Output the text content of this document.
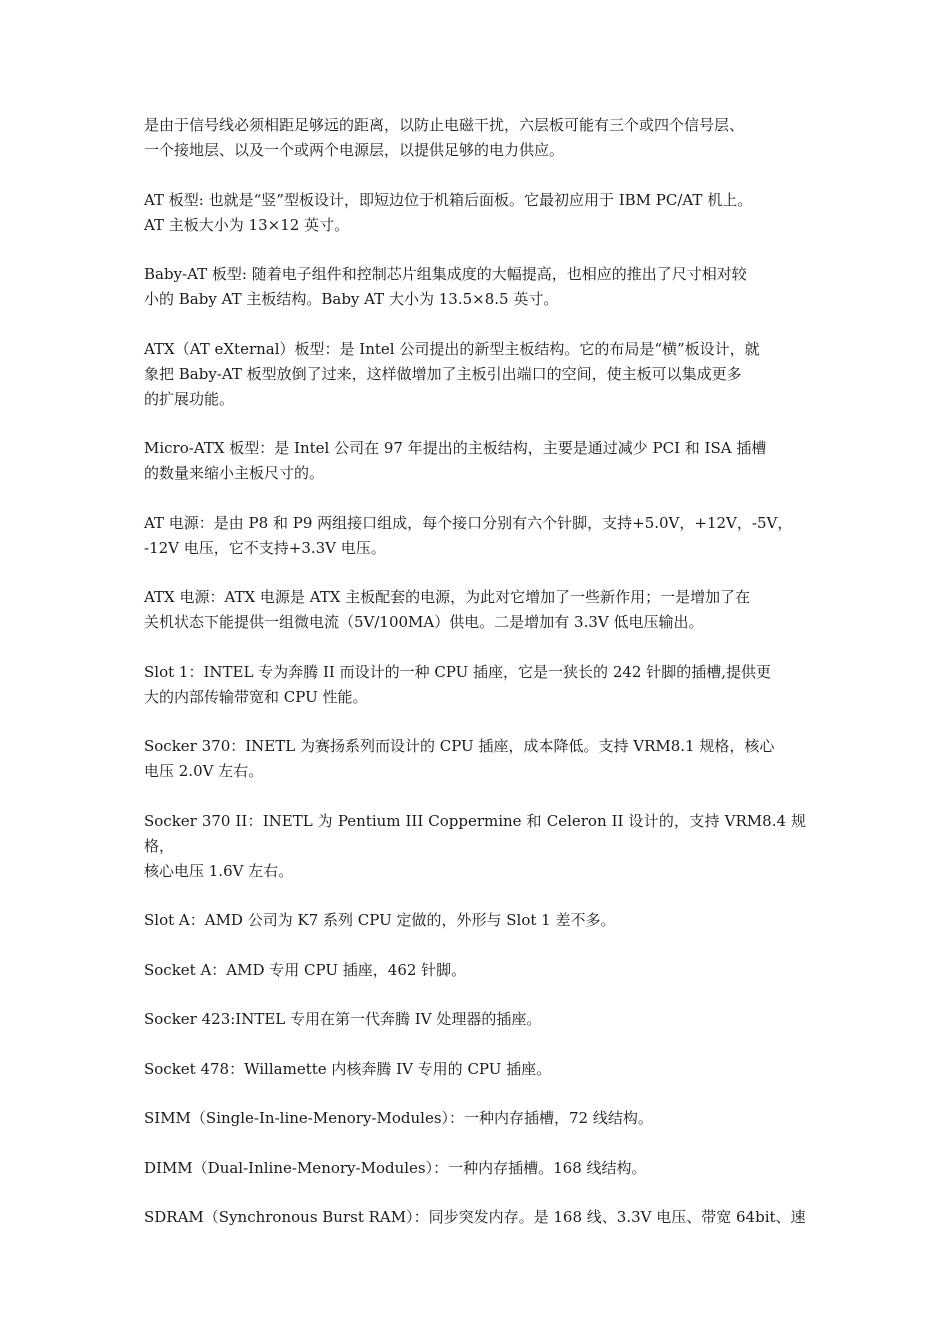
是由于信号线必须相距足够远的距离，以防止电磁干扰，六层板可能有三个或四个信号层、
一个接地层、以及一个或两个电源层，以提供足够的电力供应。

AT 板型: 也就是“竖”型板设计，即短边位于机箱后面板。它最初应用于 IBM PC/AT 机上。
AT 主板大小为 13×12 英寸。

Baby-AT 板型: 随着电子组件和控制芯片组集成度的大幅提高，也相应的推出了尺寸相对较
小的 Baby AT 主板结构。Baby AT 大小为 13.5×8.5 英寸。

ATX（AT eXternal）板型：是 Intel 公司提出的新型主板结构。它的布局是“横”板设计，就
象把 Baby-AT 板型放倒了过来，这样做增加了主板引出端口的空间，使主板可以集成更多
的扩展功能。

Micro-ATX 板型：是 Intel 公司在 97 年提出的主板结构，主要是通过减少 PCI 和 ISA 插槽
的数量来缩小主板尺寸的。

AT 电源：是由 P8 和 P9 两组接口组成，每个接口分别有六个针脚，支持+5.0V，+12V，-5V，
-12V 电压，它不支持+3.3V 电压。

ATX 电源：ATX 电源是 ATX 主板配套的电源，为此对它增加了一些新作用；一是增加了在
关机状态下能提供一组微电流（5V/100MA）供电。二是增加有 3.3V 低电压输出。

Slot 1：INTEL 专为奔腾 II 而设计的一种 CPU 插座，它是一狭长的 242 针脚的插槽,提供更
大的内部传输带宽和 CPU 性能。

Socker 370：INETL 为赛扬系列而设计的 CPU 插座，成本降低。支持 VRM8.1 规格，核心
电压 2.0V 左右。

Socker 370 II：INETL 为 Pentium III Coppermine 和 Celeron II 设计的，支持 VRM8.4 规格，
核心电压 1.6V 左右。

Slot A：AMD 公司为 K7 系列 CPU 定做的，外形与 Slot 1 差不多。

Socket A：AMD 专用 CPU 插座，462 针脚。

Socker 423:INTEL 专用在第一代奔腾 IV 处理器的插座。

Socket 478：Willamette 内核奔腾 IV 专用的 CPU 插座。

SIMM（Single-In-line-Menory-Modules）：一种内存插槽，72 线结构。

DIMM（Dual-Inline-Menory-Modules）：一种内存插槽。168 线结构。

SDRAM（Synchronous Burst RAM）：同步突发内存。是 168 线、3.3V 电压、带宽 64bit、速
